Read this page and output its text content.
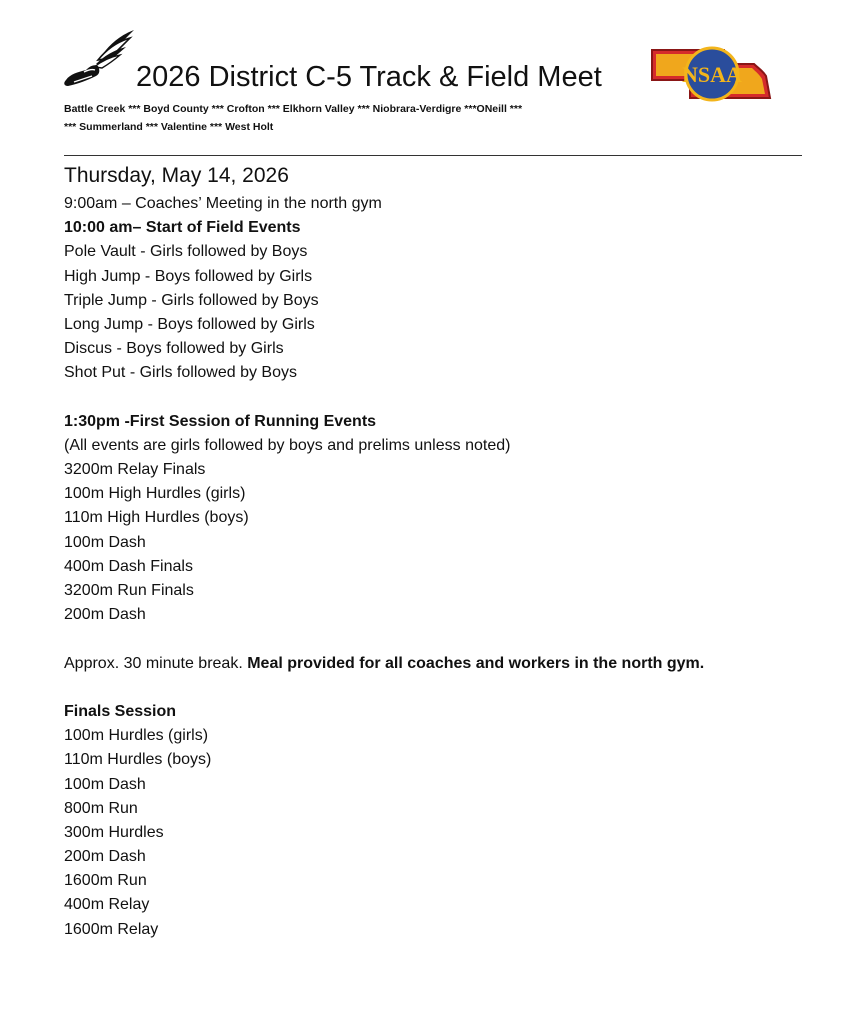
2026 District C-5 Track & Field Meet	NSAA
Battle Creek *** Boyd County *** Crofton *** Elkhorn Valley *** Niobrara-Verdigre ***ONeill ***
*** Summerland *** Valentine *** West Holt
Thursday, May 14, 2026
9:00am – Coaches’ Meeting in the north gym
10:00 am– Start of Field Events
Pole Vault - Girls followed by Boys
High Jump - Boys followed by Girls
Triple Jump - Girls followed by Boys
Long Jump - Boys followed by Girls
Discus - Boys followed by Girls
Shot Put - Girls followed by Boys
1:30pm -First Session of Running Events
(All events are girls followed by boys and prelims unless noted)
3200m Relay Finals
100m High Hurdles (girls)
110m High Hurdles (boys)
100m Dash
400m Dash Finals
3200m Run Finals
200m Dash
Approx. 30 minute break. Meal provided for all coaches and workers in the north gym.
Finals Session
100m Hurdles (girls)
110m Hurdles (boys)
100m Dash
800m Run
300m Hurdles
200m Dash
1600m Run
400m Relay
1600m Relay
